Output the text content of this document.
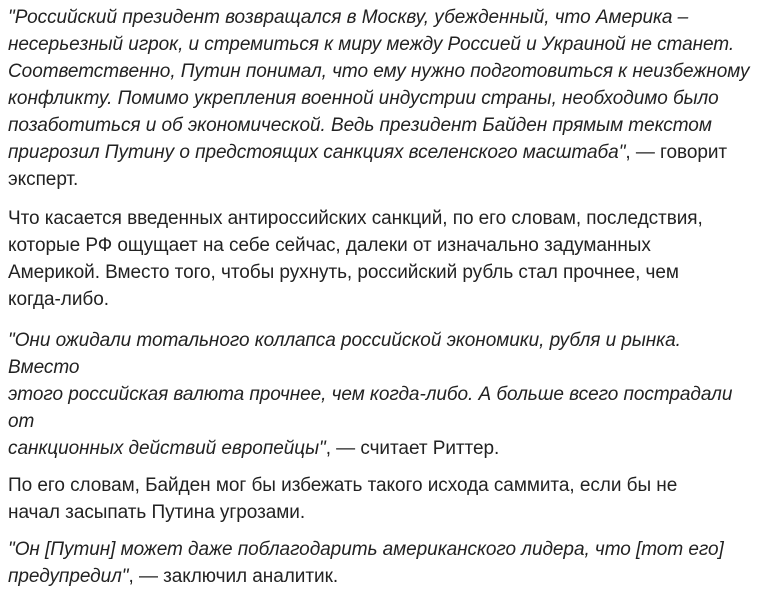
"Российский президент возвращался в Москву, убежденный, что Америка –
несерьезный игрок, и стремиться к миру между Россией и Украиной не станет.
Соответственно, Путин понимал, что ему нужно подготовиться к неизбежному
конфликту. Помимо укрепления военной индустрии страны, необходимо было
позаботиться и об экономической. Ведь президент Байден прямым текстом
пригрозил Путину о предстоящих санкциях вселенского масштаба", — говорит
эксперт.

Что касается введенных антироссийских санкций, по его словам, последствия,
которые РФ ощущает на себе сейчас, далеки от изначально задуманных
Америкой. Вместо того, чтобы рухнуть, российский рубль стал прочнее, чем
когда-либо.

"Они ожидали тотального коллапса российской экономики, рубля и рынка. Вместо
этого российская валюта прочнее, чем когда-либо. А больше всего пострадали от
санкционных действий европейцы", — считает Риттер.

По его словам, Байден мог бы избежать такого исхода саммита, если бы не
начал засыпать Путина угрозами.

"Он [Путин] может даже поблагодарить американского лидера, что [тот его]
предупредил", — заключил аналитик.
